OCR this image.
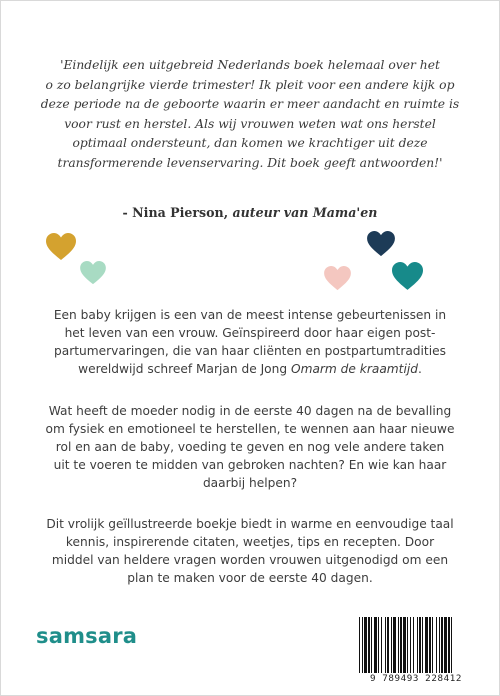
'Eindelijk een uitgebreid Nederlands boek helemaal over het
o zo belangrijke vierde trimester! Ik pleit voor een andere kijk op
deze periode na de geboorte waarin er meer aandacht en ruimte is
voor rust en herstel. Als wij vrouwen weten wat ons herstel
optimaal ondersteunt, dan komen we krachtiger uit deze
transformerende levenservaring. Dit boek geeft antwoorden!'
- Nina Pierson, auteur van Mama'en
Een baby krijgen is een van de meest intense gebeurtenissen in
het leven van een vrouw. Geïnspireerd door haar eigen post-
partumervaringen, die van haar cliënten en postpartumtradities
wereldwijd schreef Marjan de Jong Omarm de kraamtijd.
Wat heeft de moeder nodig in de eerste 40 dagen na de bevalling
om fysiek en emotioneel te herstellen, te wennen aan haar nieuwe
rol en aan de baby, voeding te geven en nog vele andere taken
uit te voeren te midden van gebroken nachten? En wie kan haar
daarbij helpen?
Dit vrolijk geïllustreerde boekje biedt in warme en eenvoudige taal
kennis, inspirerende citaten, weetjes, tips en recepten. Door
middel van heldere vragen worden vrouwen uitgenodigd om een
plan te maken voor de eerste 40 dagen.
samsara
9 789493 228412
